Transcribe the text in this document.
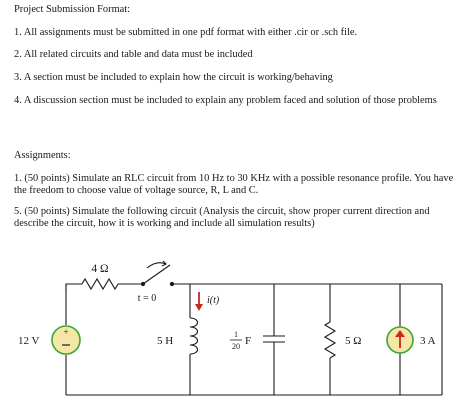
Project Submission Format:
1. All assignments must be submitted in one pdf format with either .cir or .sch file.
2. All related circuits and table and data must be included
3. A section must be included to explain how the circuit is working/behaving
4. A discussion section must be included to explain any problem faced and solution of those problems
Assignments:
1. (50 points) Simulate an RLC circuit from 10 Hz to 30 KHz with a possible resonance profile. You have the freedom to choose value of voltage source, R, L and C.
5. (50 points) Simulate the following circuit (Analysis the circuit, show proper current direction and describe the circuit, how it is working and include all simulation results)
+
4 Ω
t = 0	i(t)
12 V	5 H
1
20 F	5 Ω	3 A
